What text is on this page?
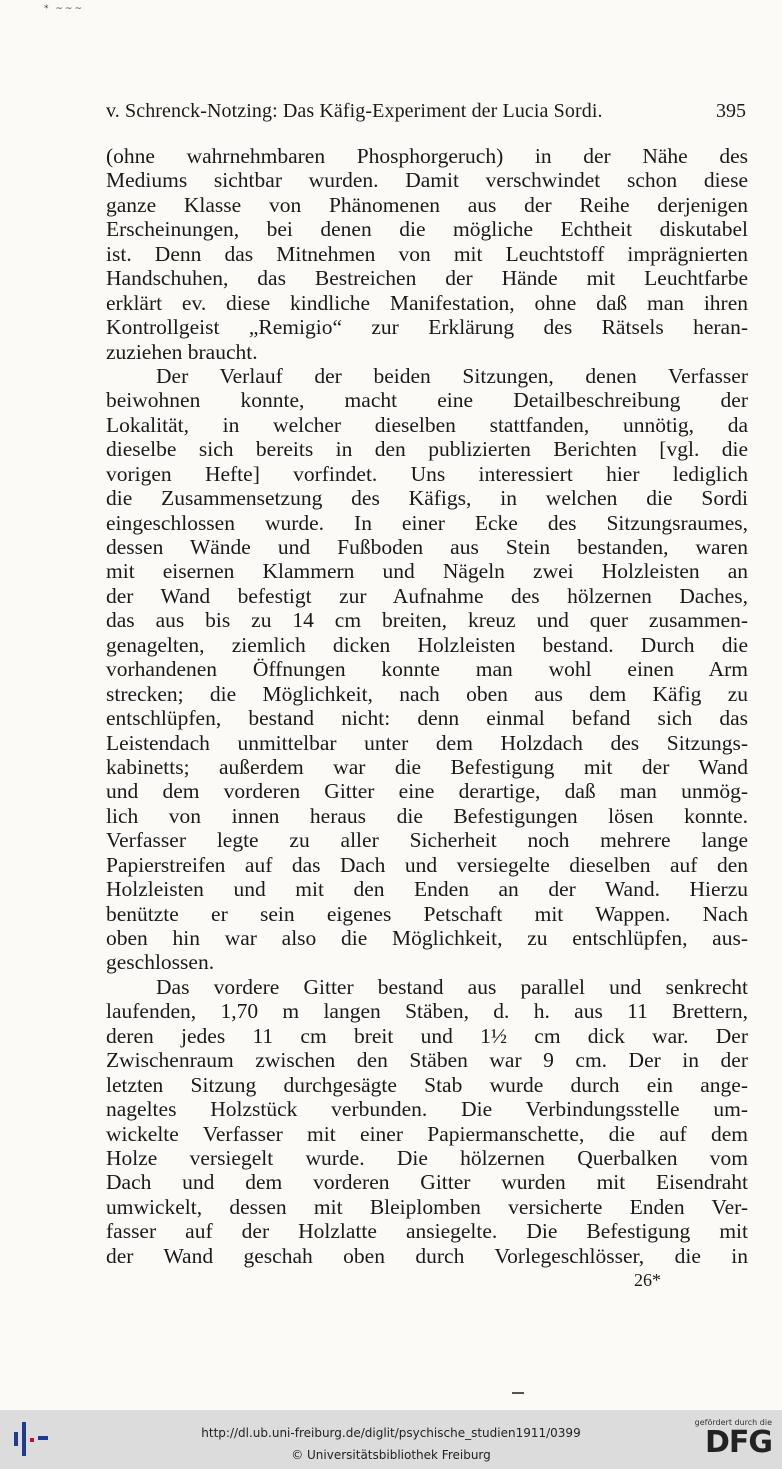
* ~~~
v. Schrenck-Notzing: Das Käfig-Experiment der Lucia Sordi.	395
(ohne wahrnehmbaren Phosphorgeruch) in der Nähe des
Mediums sichtbar wurden. Damit verschwindet schon diese
ganze Klasse von Phänomenen aus der Reihe derjenigen
Erscheinungen, bei denen die mögliche Echtheit diskutabel
ist. Denn das Mitnehmen von mit Leuchtstoff imprägnierten
Handschuhen, das Bestreichen der Hände mit Leuchtfarbe
erklärt ev. diese kindliche Manifestation, ohne daß man ihren
Kontrollgeist „Remigio“ zur Erklärung des Rätsels heran-
zuziehen braucht.
Der Verlauf der beiden Sitzungen, denen Verfasser
beiwohnen konnte, macht eine Detailbeschreibung der
Lokalität, in welcher dieselben stattfanden, unnötig, da
dieselbe sich bereits in den publizierten Berichten [vgl. die
vorigen Hefte] vorfindet. Uns interessiert hier lediglich
die Zusammensetzung des Käfigs, in welchen die Sordi
eingeschlossen wurde. In einer Ecke des Sitzungsraumes,
dessen Wände und Fußboden aus Stein bestanden, waren
mit eisernen Klammern und Nägeln zwei Holzleisten an
der Wand befestigt zur Aufnahme des hölzernen Daches,
das aus bis zu 14 cm breiten, kreuz und quer zusammen-
genagelten, ziemlich dicken Holzleisten bestand. Durch die
vorhandenen Öffnungen konnte man wohl einen Arm
strecken; die Möglichkeit, nach oben aus dem Käfig zu
entschlüpfen, bestand nicht: denn einmal befand sich das
Leistendach unmittelbar unter dem Holzdach des Sitzungs-
kabinetts; außerdem war die Befestigung mit der Wand
und dem vorderen Gitter eine derartige, daß man unmög-
lich von innen heraus die Befestigungen lösen konnte.
Verfasser legte zu aller Sicherheit noch mehrere lange
Papierstreifen auf das Dach und versiegelte dieselben auf den
Holzleisten und mit den Enden an der Wand. Hierzu
benützte er sein eigenes Petschaft mit Wappen. Nach
oben hin war also die Möglichkeit, zu entschlüpfen, aus-
geschlossen.
Das vordere Gitter bestand aus parallel und senkrecht
laufenden, 1,70 m langen Stäben, d. h. aus 11 Brettern,
deren jedes 11 cm breit und 1½ cm dick war. Der
Zwischenraum zwischen den Stäben war 9 cm. Der in der
letzten Sitzung durchgesägte Stab wurde durch ein ange-
nageltes Holzstück verbunden. Die Verbindungsstelle um-
wickelte Verfasser mit einer Papiermanschette, die auf dem
Holze versiegelt wurde. Die hölzernen Querbalken vom
Dach und dem vorderen Gitter wurden mit Eisendraht
umwickelt, dessen mit Bleiplomben versicherte Enden Ver-
fasser auf der Holzlatte ansiegelte. Die Befestigung mit
der Wand geschah oben durch Vorlegeschlösser, die in
26*
http://dl.ub.uni-freiburg.de/diglit/psychische_studien1911/0399
© Universitätsbibliothek Freiburg
gefördert durch die
DFG
